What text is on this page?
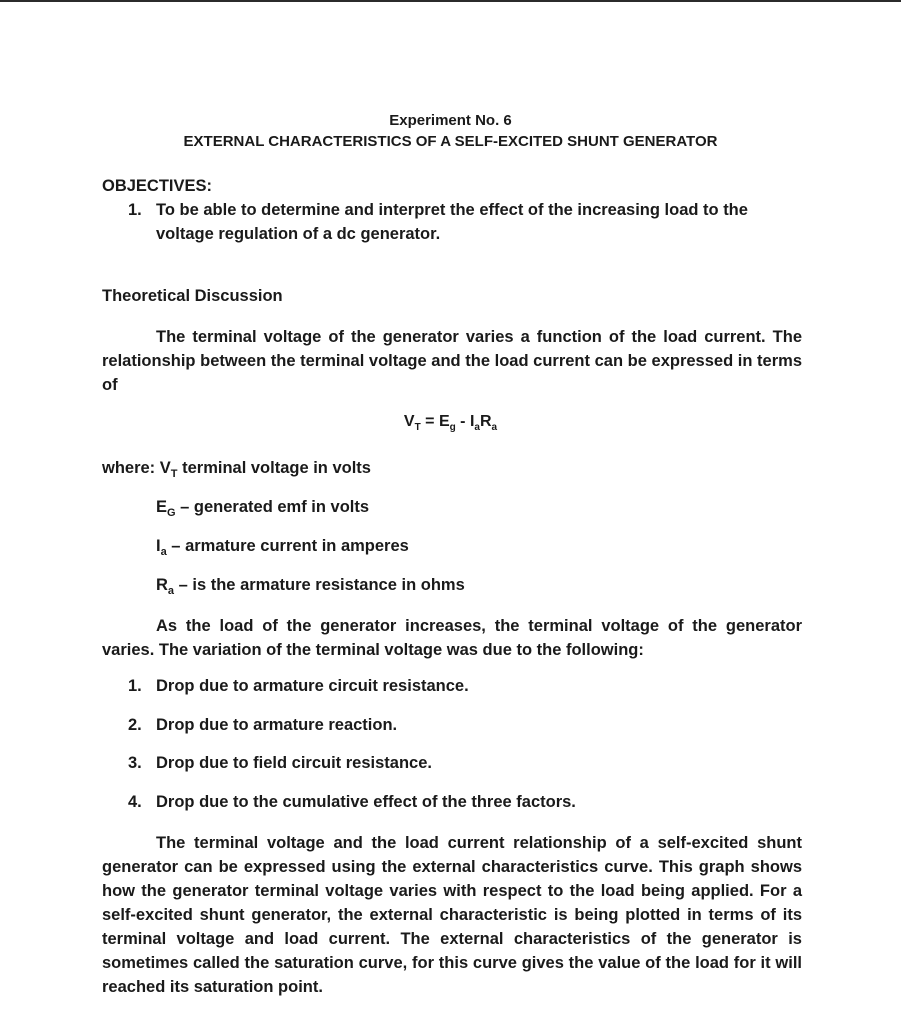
Experiment No. 6
EXTERNAL CHARACTERISTICS OF A SELF-EXCITED SHUNT GENERATOR
OBJECTIVES:
1. To be able to determine and interpret the effect of the increasing load to the
voltage regulation of a dc generator.
Theoretical Discussion
The terminal voltage of the generator varies a function of the load current. The relationship between the terminal voltage and the load current can be expressed in terms of
$V_T = E_g - I_aR_a$
where: $V_T$ terminal voltage in volts
$E_G$ – generated emf in volts
$I_a$ – armature current in amperes
$R_a$ – is the armature resistance in ohms
As the load of the generator increases, the terminal voltage of the generator varies. The variation of the terminal voltage was due to the following:
1. Drop due to armature circuit resistance.
2. Drop due to armature reaction.
3. Drop due to field circuit resistance.
4. Drop due to the cumulative effect of the three factors.
The terminal voltage and the load current relationship of a self-excited shunt generator can be expressed using the external characteristics curve. This graph shows how the generator terminal voltage varies with respect to the load being applied. For a self-excited shunt generator, the external characteristic is being plotted in terms of its terminal voltage and load current. The external characteristics of the generator is sometimes called the saturation curve, for this curve gives the value of the load for it will reached its saturation point.
